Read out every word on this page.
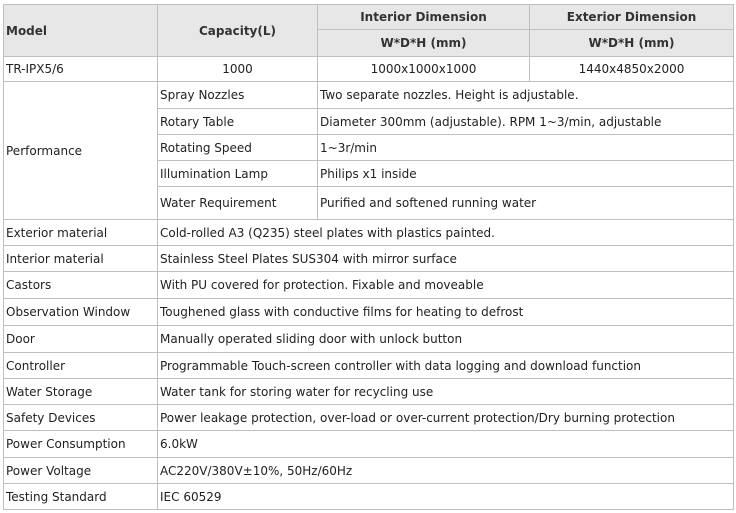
Model	Capacity(L)	Interior Dimension	Exterior Dimension
		W*D*H (mm)	W*D*H (mm)
TR-IPX5/6	1000	1000x1000x1000	1440x4850x2000
Performance	Spray Nozzles	Two separate nozzles. Height is adjustable.	
	Rotary Table	Diameter 300mm (adjustable). RPM 1~3/min, adjustable	
	Rotating Speed	1~3r/min	
	Illumination Lamp	Philips x1 inside	
	Water Requirement	Purified and softened running water	
Exterior material	Cold-rolled A3 (Q235) steel plates with plastics painted.		
Interior material	Stainless Steel Plates SUS304 with mirror surface		
Castors	With PU covered for protection. Fixable and moveable		
Observation Window	Toughened glass with conductive films for heating to defrost		
Door	Manually operated sliding door with unlock button		
Controller	Programmable Touch-screen controller with data logging and download function		
Water Storage	Water tank for storing water for recycling use		
Safety Devices	Power leakage protection, over-load or over-current protection/Dry burning protection		
Power Consumption	6.0kW		
Power Voltage	AC220V/380V±10%, 50Hz/60Hz		
Testing Standard	IEC 60529		
